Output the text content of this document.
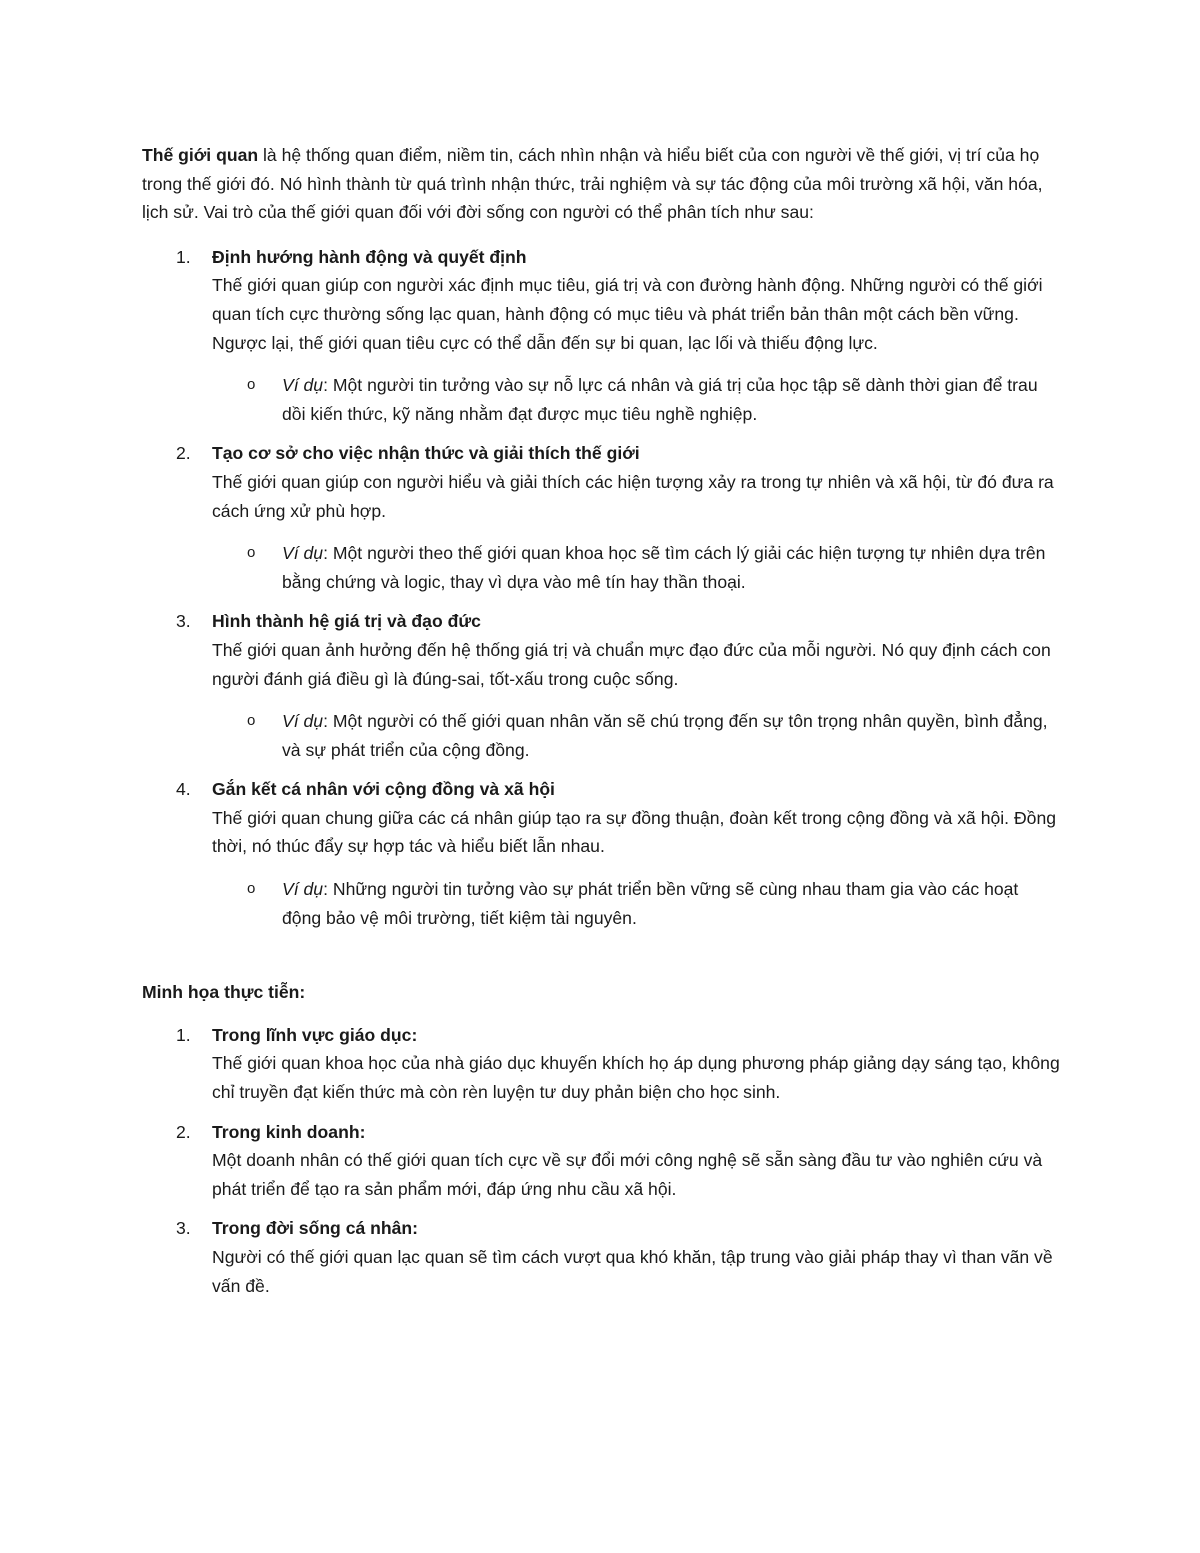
Thế giới quan là hệ thống quan điểm, niềm tin, cách nhìn nhận và hiểu biết của con người về thế giới, vị trí của họ trong thế giới đó. Nó hình thành từ quá trình nhận thức, trải nghiệm và sự tác động của môi trường xã hội, văn hóa, lịch sử. Vai trò của thế giới quan đối với đời sống con người có thể phân tích như sau:

1. Định hướng hành động và quyết định

Thế giới quan giúp con người xác định mục tiêu, giá trị và con đường hành động. Những người có thế giới quan tích cực thường sống lạc quan, hành động có mục tiêu và phát triển bản thân một cách bền vững. Ngược lại, thế giới quan tiêu cực có thể dẫn đến sự bi quan, lạc lối và thiếu động lực.

o Ví dụ: Một người tin tưởng vào sự nỗ lực cá nhân và giá trị của học tập sẽ dành thời gian để trau dồi kiến thức, kỹ năng nhằm đạt được mục tiêu nghề nghiệp.

2. Tạo cơ sở cho việc nhận thức và giải thích thế giới

Thế giới quan giúp con người hiểu và giải thích các hiện tượng xảy ra trong tự nhiên và xã hội, từ đó đưa ra cách ứng xử phù hợp.

o Ví dụ: Một người theo thế giới quan khoa học sẽ tìm cách lý giải các hiện tượng tự nhiên dựa trên bằng chứng và logic, thay vì dựa vào mê tín hay thần thoại.

3. Hình thành hệ giá trị và đạo đức

Thế giới quan ảnh hưởng đến hệ thống giá trị và chuẩn mực đạo đức của mỗi người. Nó quy định cách con người đánh giá điều gì là đúng-sai, tốt-xấu trong cuộc sống.

o Ví dụ: Một người có thế giới quan nhân văn sẽ chú trọng đến sự tôn trọng nhân quyền, bình đẳng, và sự phát triển của cộng đồng.

4. Gắn kết cá nhân với cộng đồng và xã hội

Thế giới quan chung giữa các cá nhân giúp tạo ra sự đồng thuận, đoàn kết trong cộng đồng và xã hội. Đồng thời, nó thúc đẩy sự hợp tác và hiểu biết lẫn nhau.

o Ví dụ: Những người tin tưởng vào sự phát triển bền vững sẽ cùng nhau tham gia vào các hoạt động bảo vệ môi trường, tiết kiệm tài nguyên.

Minh họa thực tiễn:

1. Trong lĩnh vực giáo dục:

Thế giới quan khoa học của nhà giáo dục khuyến khích họ áp dụng phương pháp giảng dạy sáng tạo, không chỉ truyền đạt kiến thức mà còn rèn luyện tư duy phản biện cho học sinh.

2. Trong kinh doanh:

Một doanh nhân có thế giới quan tích cực về sự đổi mới công nghệ sẽ sẵn sàng đầu tư vào nghiên cứu và phát triển để tạo ra sản phẩm mới, đáp ứng nhu cầu xã hội.

3. Trong đời sống cá nhân:

Người có thế giới quan lạc quan sẽ tìm cách vượt qua khó khăn, tập trung vào giải pháp thay vì than vãn về vấn đề.
